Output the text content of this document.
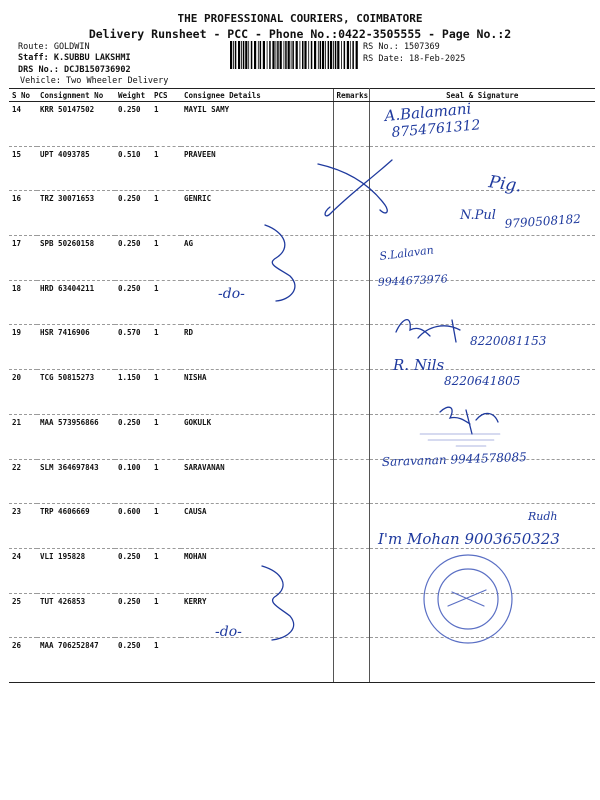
THE PROFESSIONAL COURIERS, COIMBATORE
Delivery Runsheet - PCC - Phone No.:0422-3505555 - Page No.:2
Route: GOLDWIN
Staff: K.SUBBU LAKSHMI
DRS No.: DCJB150736902
Vehicle: Two Wheeler Delivery
RS No.: 1507369
RS Date: 18-Feb-2025
S No	Consignment No	Weight	PCS	Consignee Details	Remarks	Seal & Signature
14	KRR 50147502	0.250	1	MAYIL SAMY		
15	UPT 4093785	0.510	1	PRAVEEN		
16	TRZ 30071653	0.250	1	GENRIC		
17	SPB 50260158	0.250	1	AG		
18	HRD 63404211	0.250	1			
19	HSR 7416906	0.570	1	RD		
20	TCG 50815273	1.150	1	NISHA		
21	MAA 573956866	0.250	1	GOKULK		
22	SLM 364697843	0.100	1	SARAVANAN		
23	TRP 4606669	0.600	1	CAUSA		
24	VLI 195828	0.250	1	MOHAN		
25	TUT 426853	0.250	1	KERRY		
26	MAA 706252847	0.250	1			
A.Balamani
8754761312
Pig.
N.Pul 9790508182
S.Lalavan
9944673976
-do-
8220081153
R. Nils
8220641805
Saravanan 9944578085
Rudh
I'm Mohan 9003650323
-do-
